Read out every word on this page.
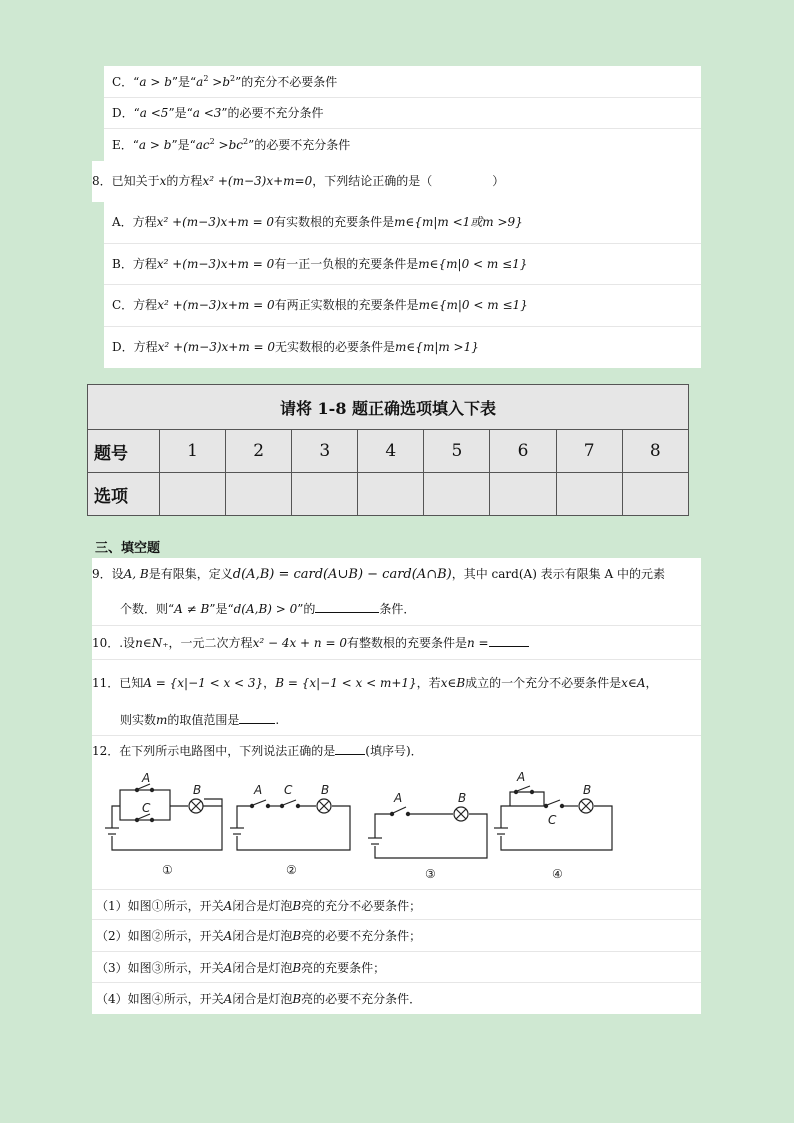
C．“a > b”是“$a^2 >b^2$”的充分不必要条件
D．“a <5”是“a <3”的必要不充分条件
E．“a > b”是“$ac^2 >bc^2$”的必要不充分条件
8．已知关于x的方程x² +(m−3)x+m=0，下列结论正确的是（　　　　　）
A．方程x² +(m−3)x+m = 0有实数根的充要条件是m∈{m|m <1或m >9}
B．方程x² +(m−3)x+m = 0有一正一负根的充要条件是m∈{m|0 < m ≤1}
C．方程x² +(m−3)x+m = 0有两正实数根的充要条件是m∈{m|0 < m ≤1}
D．方程x² +(m−3)x+m = 0无实数根的必要条件是m∈{m|m >1}
请将 1-8 题正确选项填入下表								
题号	1	2	3	4	5	6	7	8
选项								
三、填空题
9．设A, B是有限集，定义d(A,B) = card(A∪B) − card(A∩B)，其中 card(A) 表示有限集 A 中的元素
个数．则“A ≠ B”是“d(A,B) > 0”的	条件．
10．.设n∈N₊，一元二次方程x² − 4x + n = 0有整数根的充要条件是n =
11．已知A = {x|−1 < x < 3}，B = {x|−1 < x < m+1}，若x∈B成立的一个充分不必要条件是x∈A，
则实数m的取值范围是	.
12．在下列所示电路图中，下列说法正确的是	(填序号)．
A
C
B
①
A C B
②
A	B
③
A
C
B
④
（1）如图①所示，开关A闭合是灯泡B亮的充分不必要条件；
（2）如图②所示，开关A闭合是灯泡B亮的必要不充分条件；
（3）如图③所示，开关A闭合是灯泡B亮的充要条件；
（4）如图④所示，开关A闭合是灯泡B亮的必要不充分条件．
